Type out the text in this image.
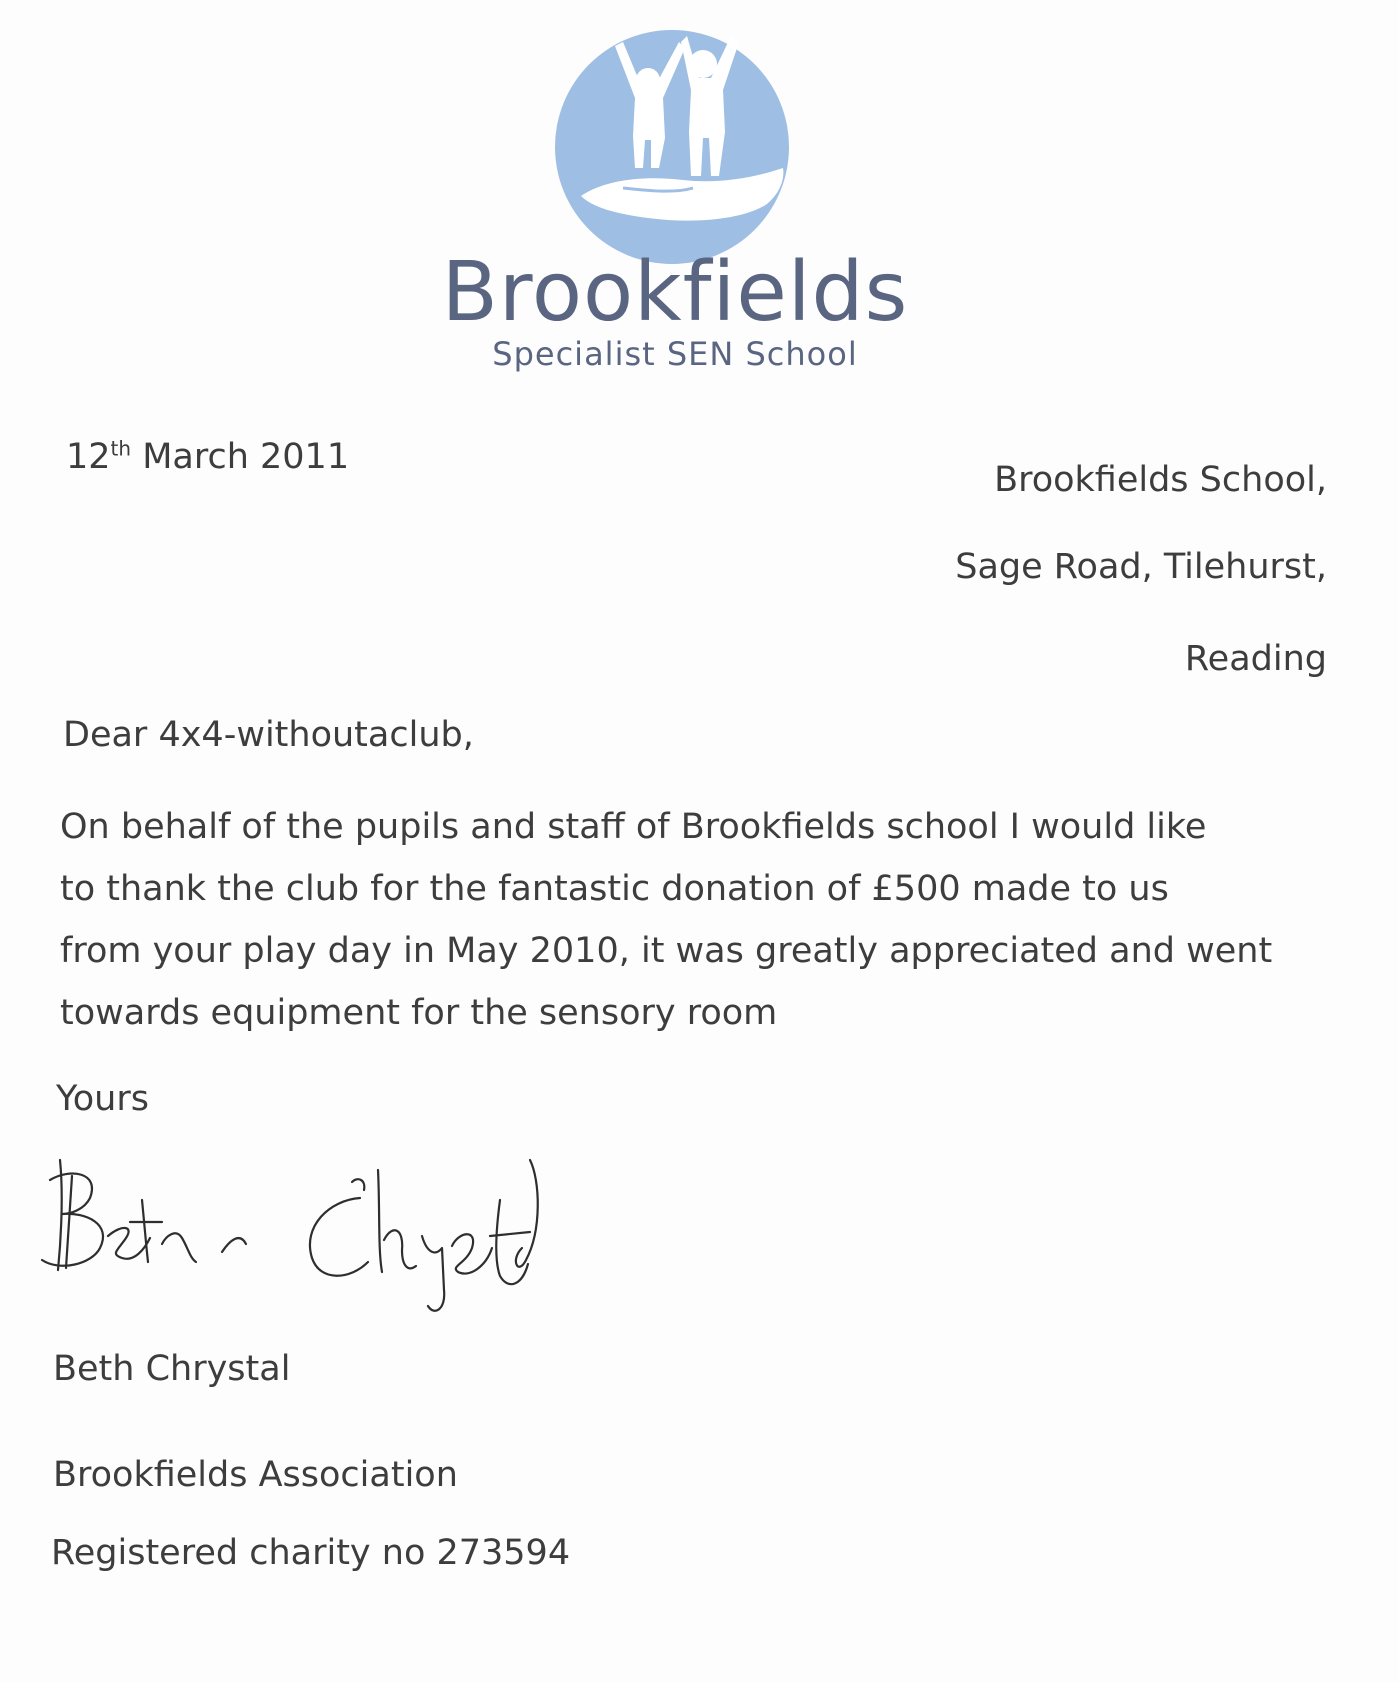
Brookfields
Specialist SEN School
12th March 2011
Brookfields School,
Sage Road, Tilehurst,
Reading
Dear 4x4-withoutaclub,
On behalf of the pupils and staff of Brookfields school I would like
to thank the club for the fantastic donation of £500 made to us
from your play day in May 2010, it was greatly appreciated and went
towards equipment for the sensory room
Yours
Beth Chrystal
Brookfields Association
Registered charity no 273594
